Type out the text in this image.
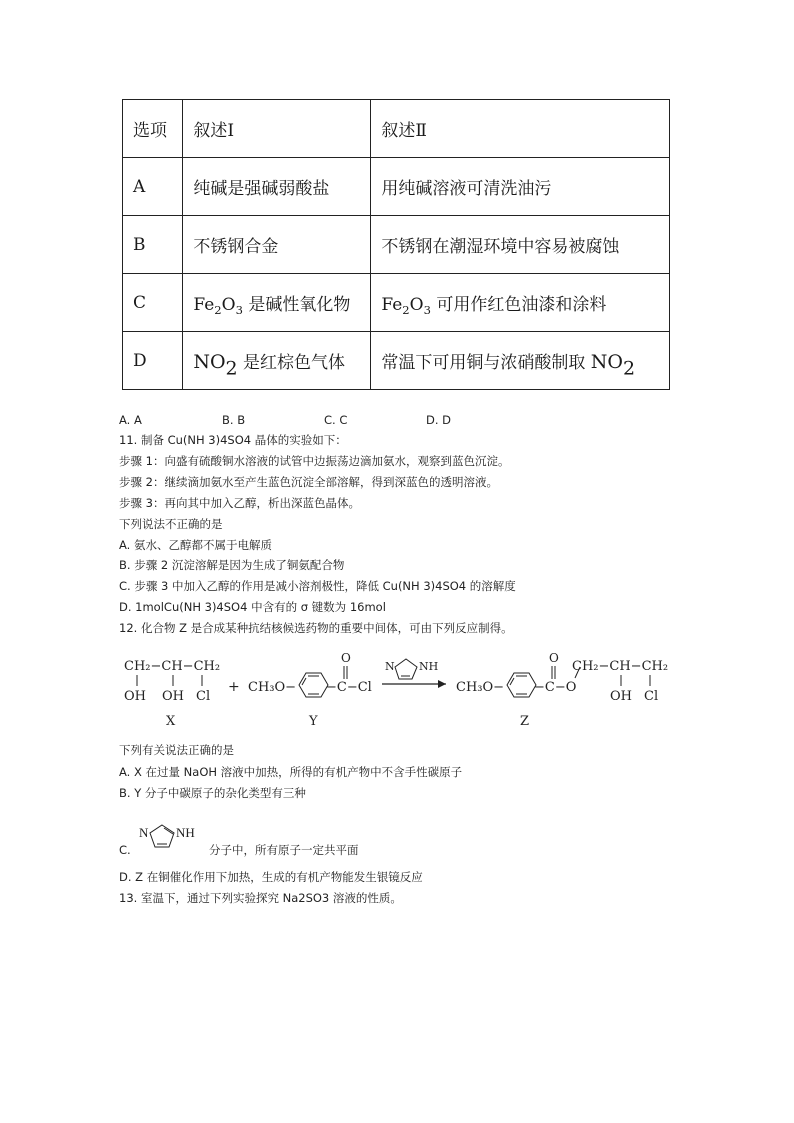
选项	叙述Ⅰ	叙述Ⅱ
A	纯碱是强碱弱酸盐	用纯碱溶液可清洗油污
B	不锈钢合金	不锈钢在潮湿环境中容易被腐蚀
C	$Fe_2O_3$ 是碱性氧化物	$Fe_2O_3$ 可用作红色油漆和涂料
D	$NO_2$ 是红棕色气体	常温下可用铜与浓硝酸制取 $NO_2$
A. A	B. B	C. C	D. D
11. 制备 Cu(NH 3)4SO4 晶体的实验如下：
步骤 1：向盛有硫酸铜水溶液的试管中边振荡边滴加氨水，观察到蓝色沉淀。
步骤 2：继续滴加氨水至产生蓝色沉淀全部溶解，得到深蓝色的透明溶液。
步骤 3：再向其中加入乙醇，析出深蓝色晶体。
下列说法不正确的是
A. 氨水、乙醇都不属于电解质
B. 步骤 2 沉淀溶解是因为生成了铜氨配合物
C. 步骤 3 中加入乙醇的作用是减小溶剂极性，降低 Cu(NH 3)4SO4 的溶解度
D. 1molCu(NH 3)4SO4 中含有的 σ 键数为 16mol
12. 化合物 Z 是合成某种抗结核候选药物的重要中间体，可由下列反应制得。
CH₂−CH−CH₂
OH OH Cl
X
+ CH₃O− −C−Cl
O
Y
N NH
CH₃O− −C−O
O
CH₂−CH−CH₂
OH Cl
Z
下列有关说法正确的是
A. X 在过量 NaOH 溶液中加热，所得的有机产物中不含手性碳原子
B. Y 分子中碳原子的杂化类型有三种
N NH
C.	分子中，所有原子一定共平面
D. Z 在铜催化作用下加热，生成的有机产物能发生银镜反应
13. 室温下，通过下列实验探究 Na2SO3 溶液的性质。
